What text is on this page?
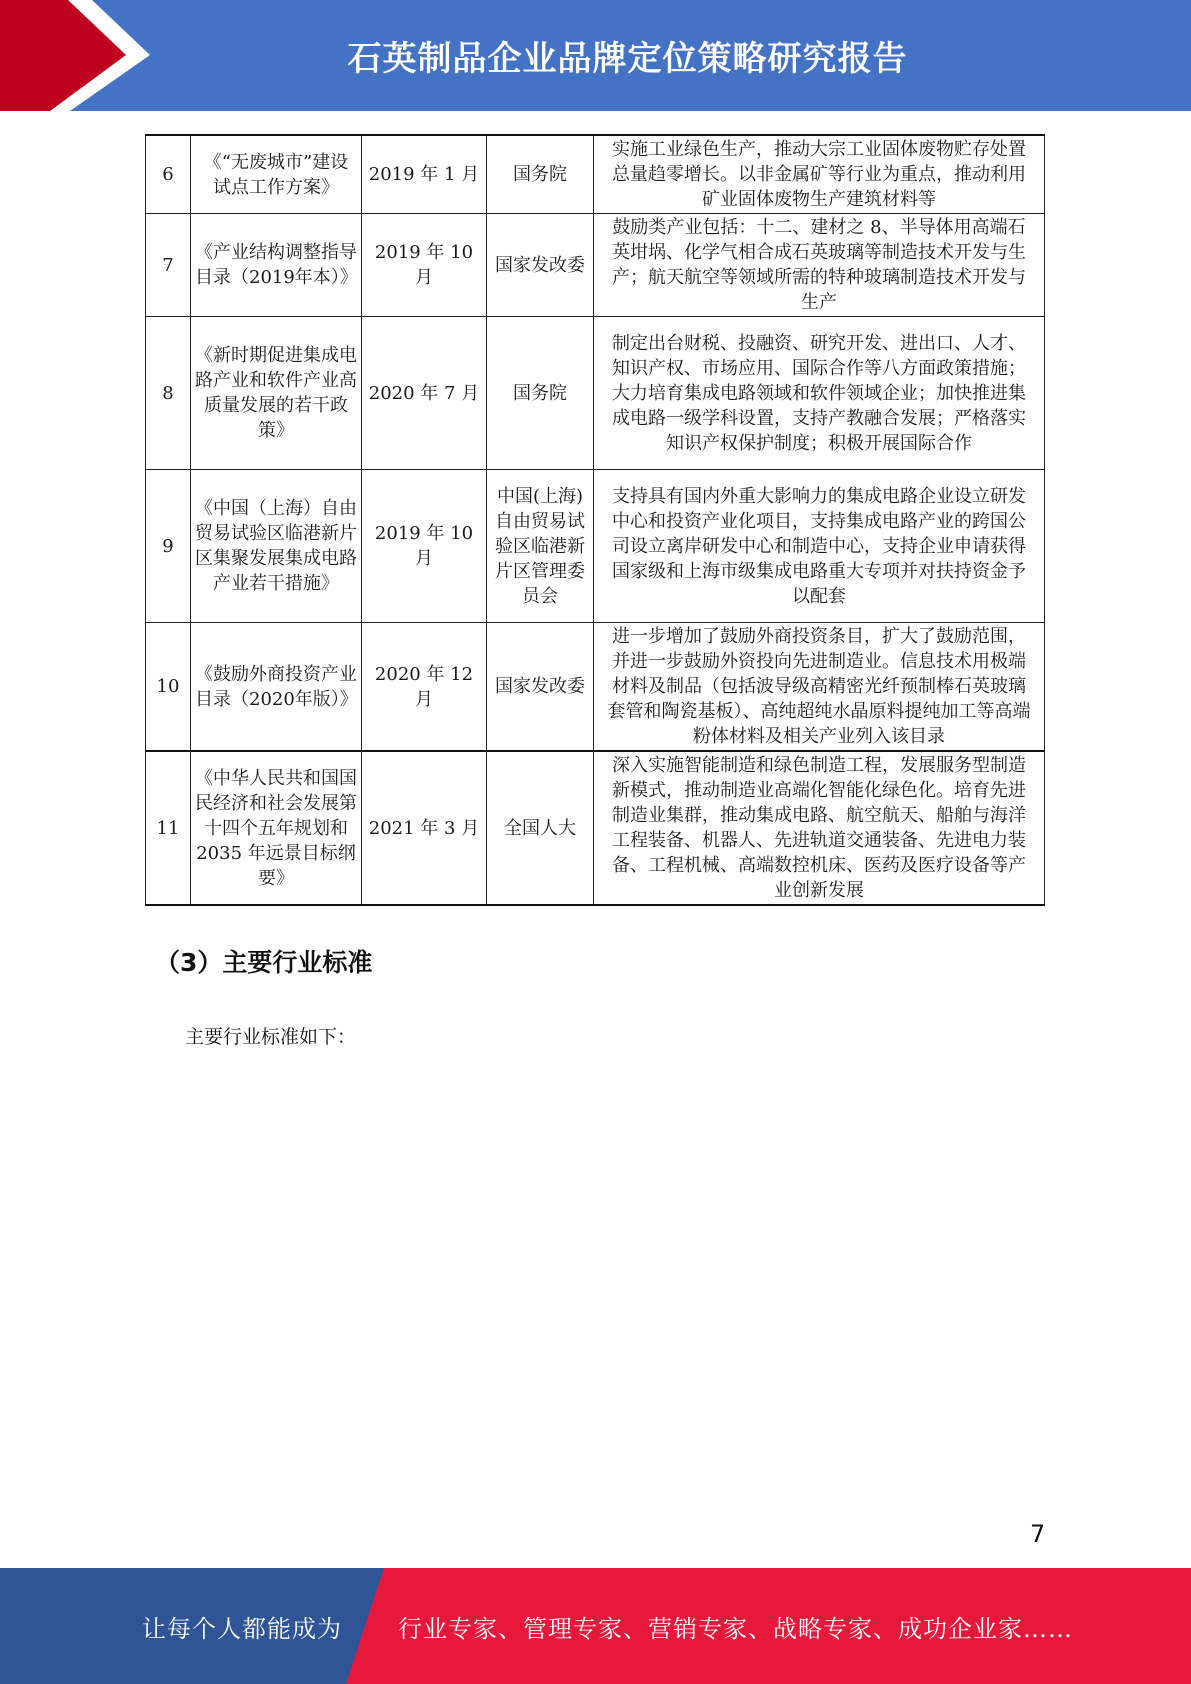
石英制品企业品牌定位策略研究报告
6	《“无废城市”建设试点工作方案》	2019 年 1 月	国务院	实施工业绿色生产，推动大宗工业固体废物贮存处置总量趋零增长。以非金属矿等行业为重点，推动利用矿业固体废物生产建筑材料等
7	《产业结构调整指导目录（2019年本）》	2019 年 10 月	国家发改委	鼓励类产业包括：十二、建材之 8、半导体用高端石英坩埚、化学气相合成石英玻璃等制造技术开发与生产；航天航空等领域所需的特种玻璃制造技术开发与生产
8	《新时期促进集成电路产业和软件产业高质量发展的若干政策》	2020 年 7 月	国务院	制定出台财税、投融资、研究开发、进出口、人才、知识产权、市场应用、国际合作等八方面政策措施；大力培育集成电路领域和软件领域企业；加快推进集成电路一级学科设置，支持产教融合发展；严格落实知识产权保护制度；积极开展国际合作
9	《中国（上海）自由贸易试验区临港新片区集聚发展集成电路产业若干措施》	2019 年 10 月	中国(上海)自由贸易试验区临港新片区管理委员会	支持具有国内外重大影响力的集成电路企业设立研发中心和投资产业化项目，支持集成电路产业的跨国公司设立离岸研发中心和制造中心，支持企业申请获得国家级和上海市级集成电路重大专项并对扶持资金予以配套
10	《鼓励外商投资产业目录（2020年版）》	2020 年 12 月	国家发改委	进一步增加了鼓励外商投资条目，扩大了鼓励范围，并进一步鼓励外资投向先进制造业。信息技术用极端材料及制品（包括波导级高精密光纤预制棒石英玻璃套管和陶瓷基板）、高纯超纯水晶原料提纯加工等高端粉体材料及相关产业列入该目录
11	《中华人民共和国国民经济和社会发展第十四个五年规划和 2035 年远景目标纲要》	2021 年 3 月	全国人大	深入实施智能制造和绿色制造工程，发展服务型制造新模式，推动制造业高端化智能化绿色化。培育先进制造业集群，推动集成电路、航空航天、船舶与海洋工程装备、机器人、先进轨道交通装备、先进电力装备、工程机械、高端数控机床、医药及医疗设备等产业创新发展
（3）主要行业标准
主要行业标准如下：
7
让每个人都能成为 行业专家、管理专家、营销专家、战略专家、成功企业家……
